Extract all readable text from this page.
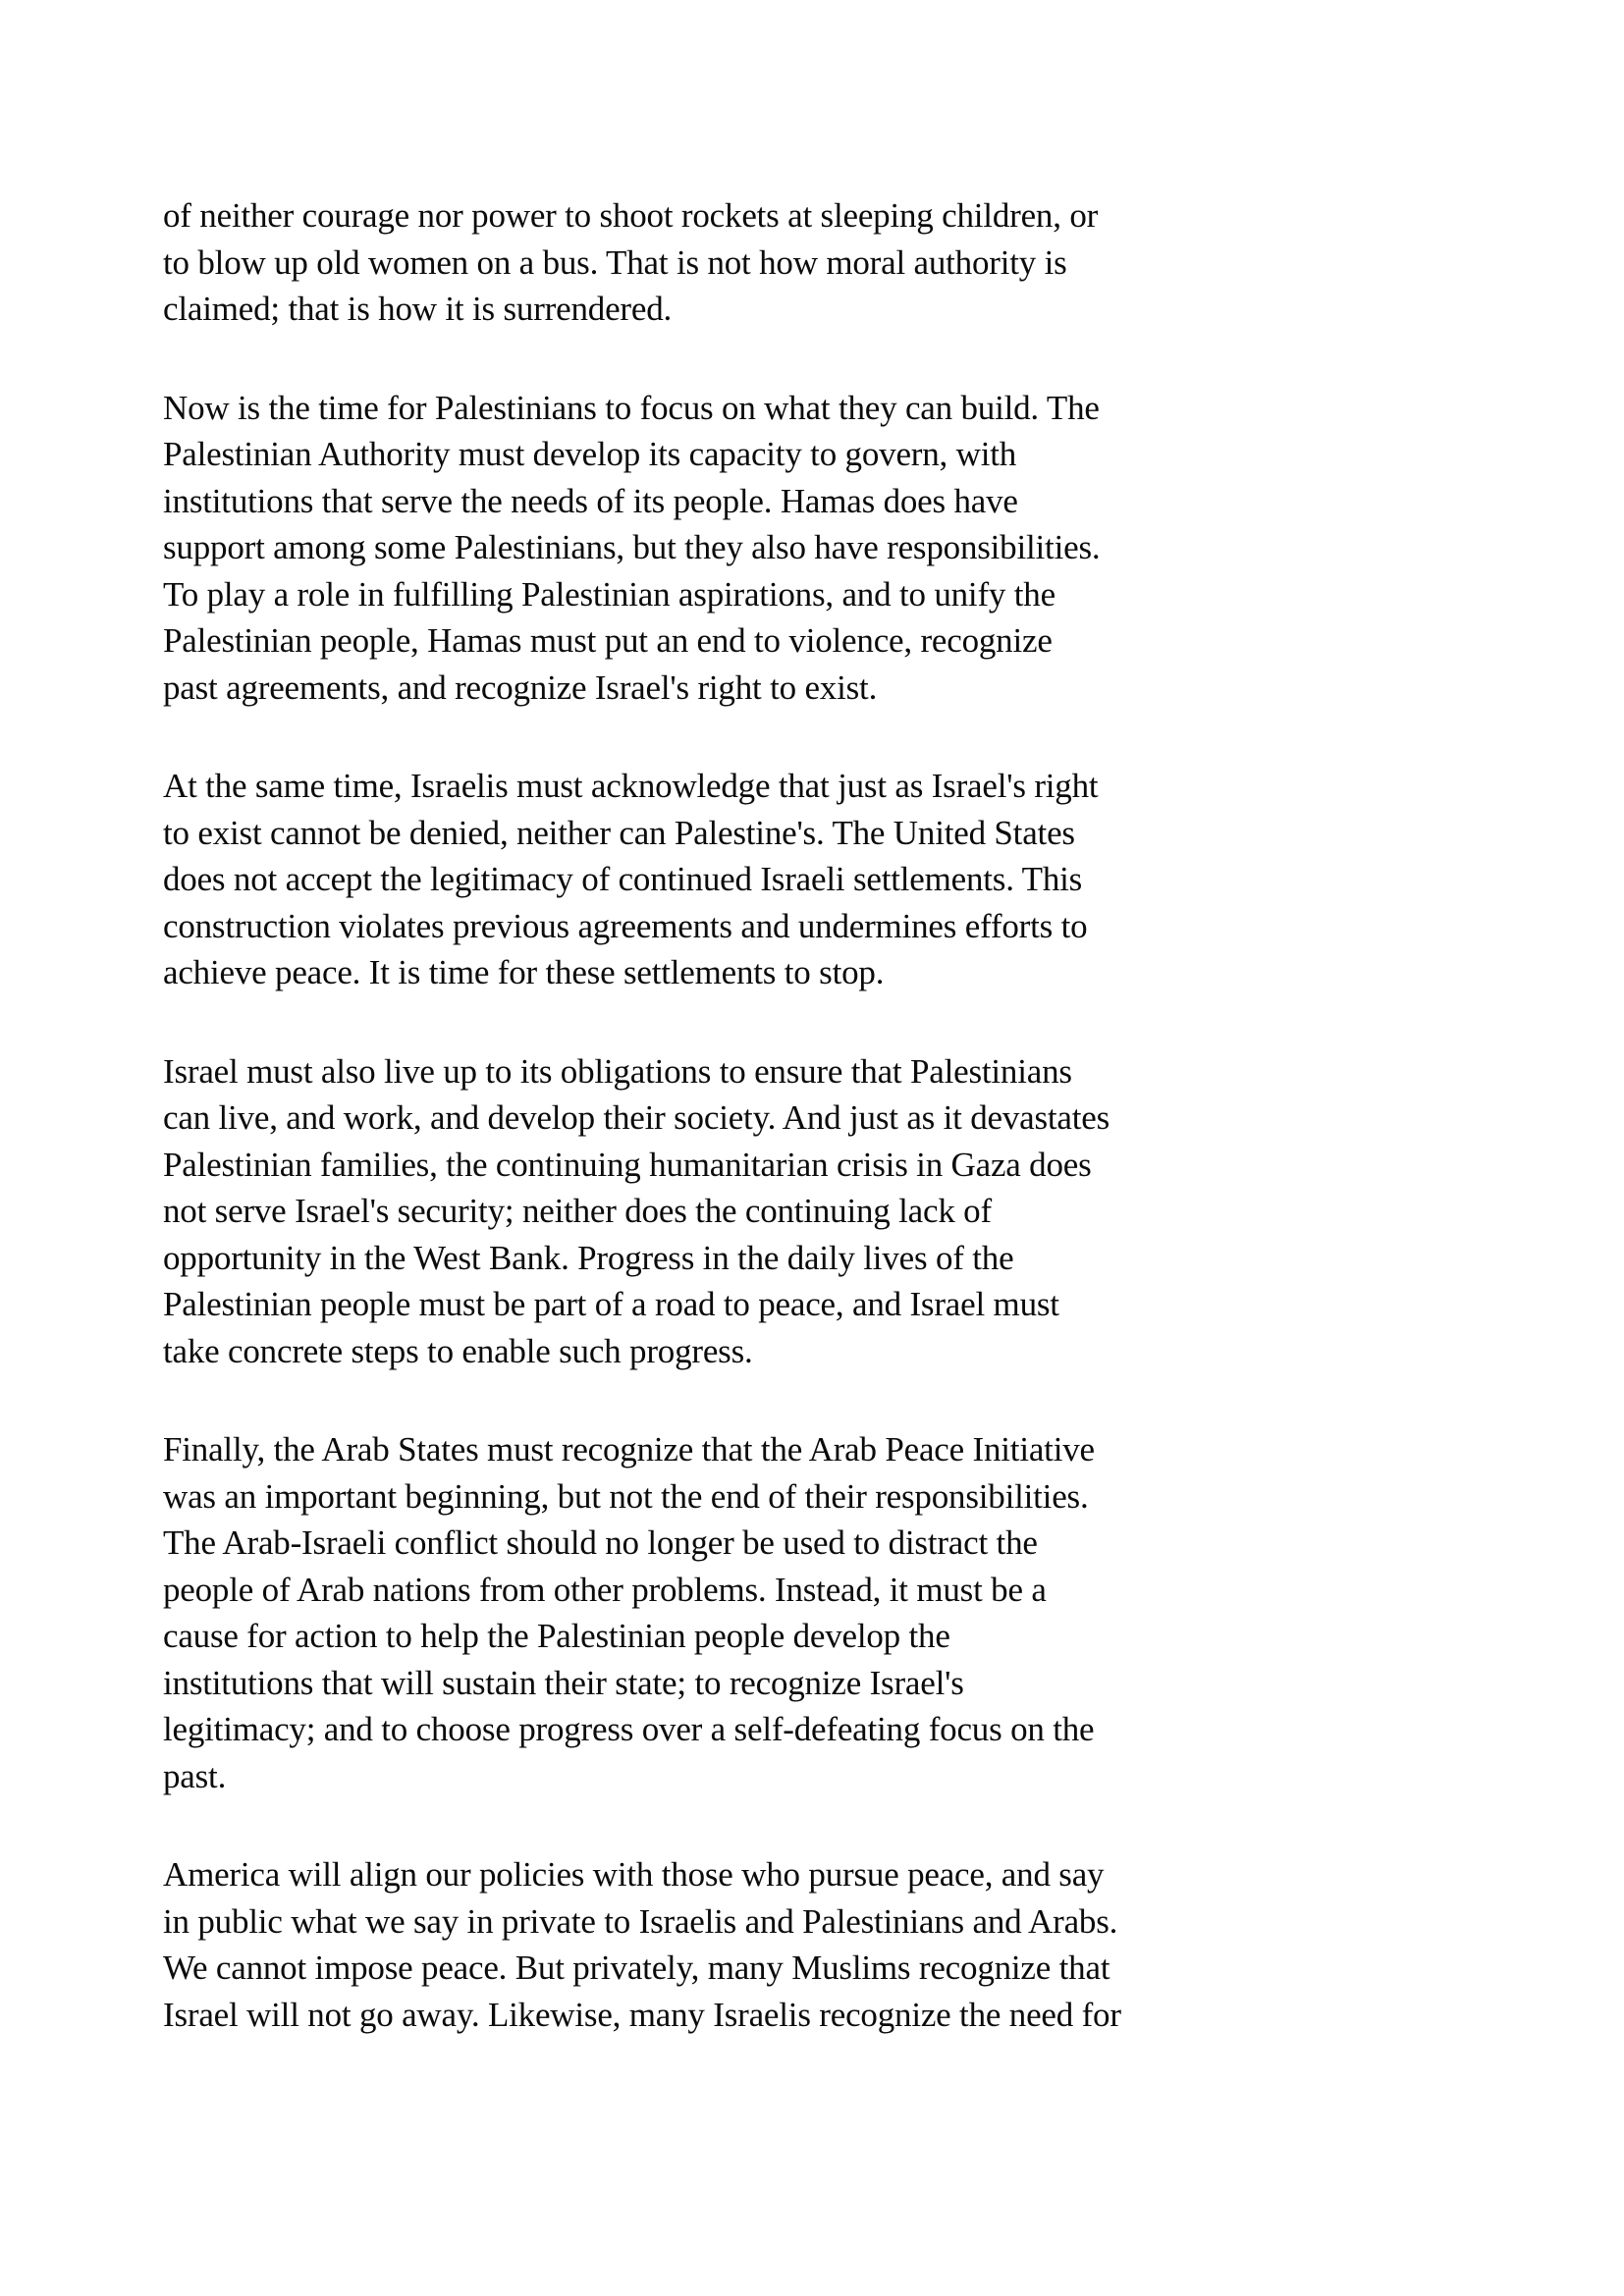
of neither courage nor power to shoot rockets at sleeping children, or
to blow up old women on a bus. That is not how moral authority is
claimed; that is how it is surrendered.

Now is the time for Palestinians to focus on what they can build. The
Palestinian Authority must develop its capacity to govern, with
institutions that serve the needs of its people. Hamas does have
support among some Palestinians, but they also have responsibilities.
To play a role in fulfilling Palestinian aspirations, and to unify the
Palestinian people, Hamas must put an end to violence, recognize
past agreements, and recognize Israel's right to exist.

At the same time, Israelis must acknowledge that just as Israel's right
to exist cannot be denied, neither can Palestine's. The United States
does not accept the legitimacy of continued Israeli settlements. This
construction violates previous agreements and undermines efforts to
achieve peace. It is time for these settlements to stop.

Israel must also live up to its obligations to ensure that Palestinians
can live, and work, and develop their society. And just as it devastates
Palestinian families, the continuing humanitarian crisis in Gaza does
not serve Israel's security; neither does the continuing lack of
opportunity in the West Bank. Progress in the daily lives of the
Palestinian people must be part of a road to peace, and Israel must
take concrete steps to enable such progress.

Finally, the Arab States must recognize that the Arab Peace Initiative
was an important beginning, but not the end of their responsibilities.
The Arab-Israeli conflict should no longer be used to distract the
people of Arab nations from other problems. Instead, it must be a
cause for action to help the Palestinian people develop the
institutions that will sustain their state; to recognize Israel's
legitimacy; and to choose progress over a self-defeating focus on the
past.

America will align our policies with those who pursue peace, and say
in public what we say in private to Israelis and Palestinians and Arabs.
We cannot impose peace. But privately, many Muslims recognize that
Israel will not go away. Likewise, many Israelis recognize the need for
